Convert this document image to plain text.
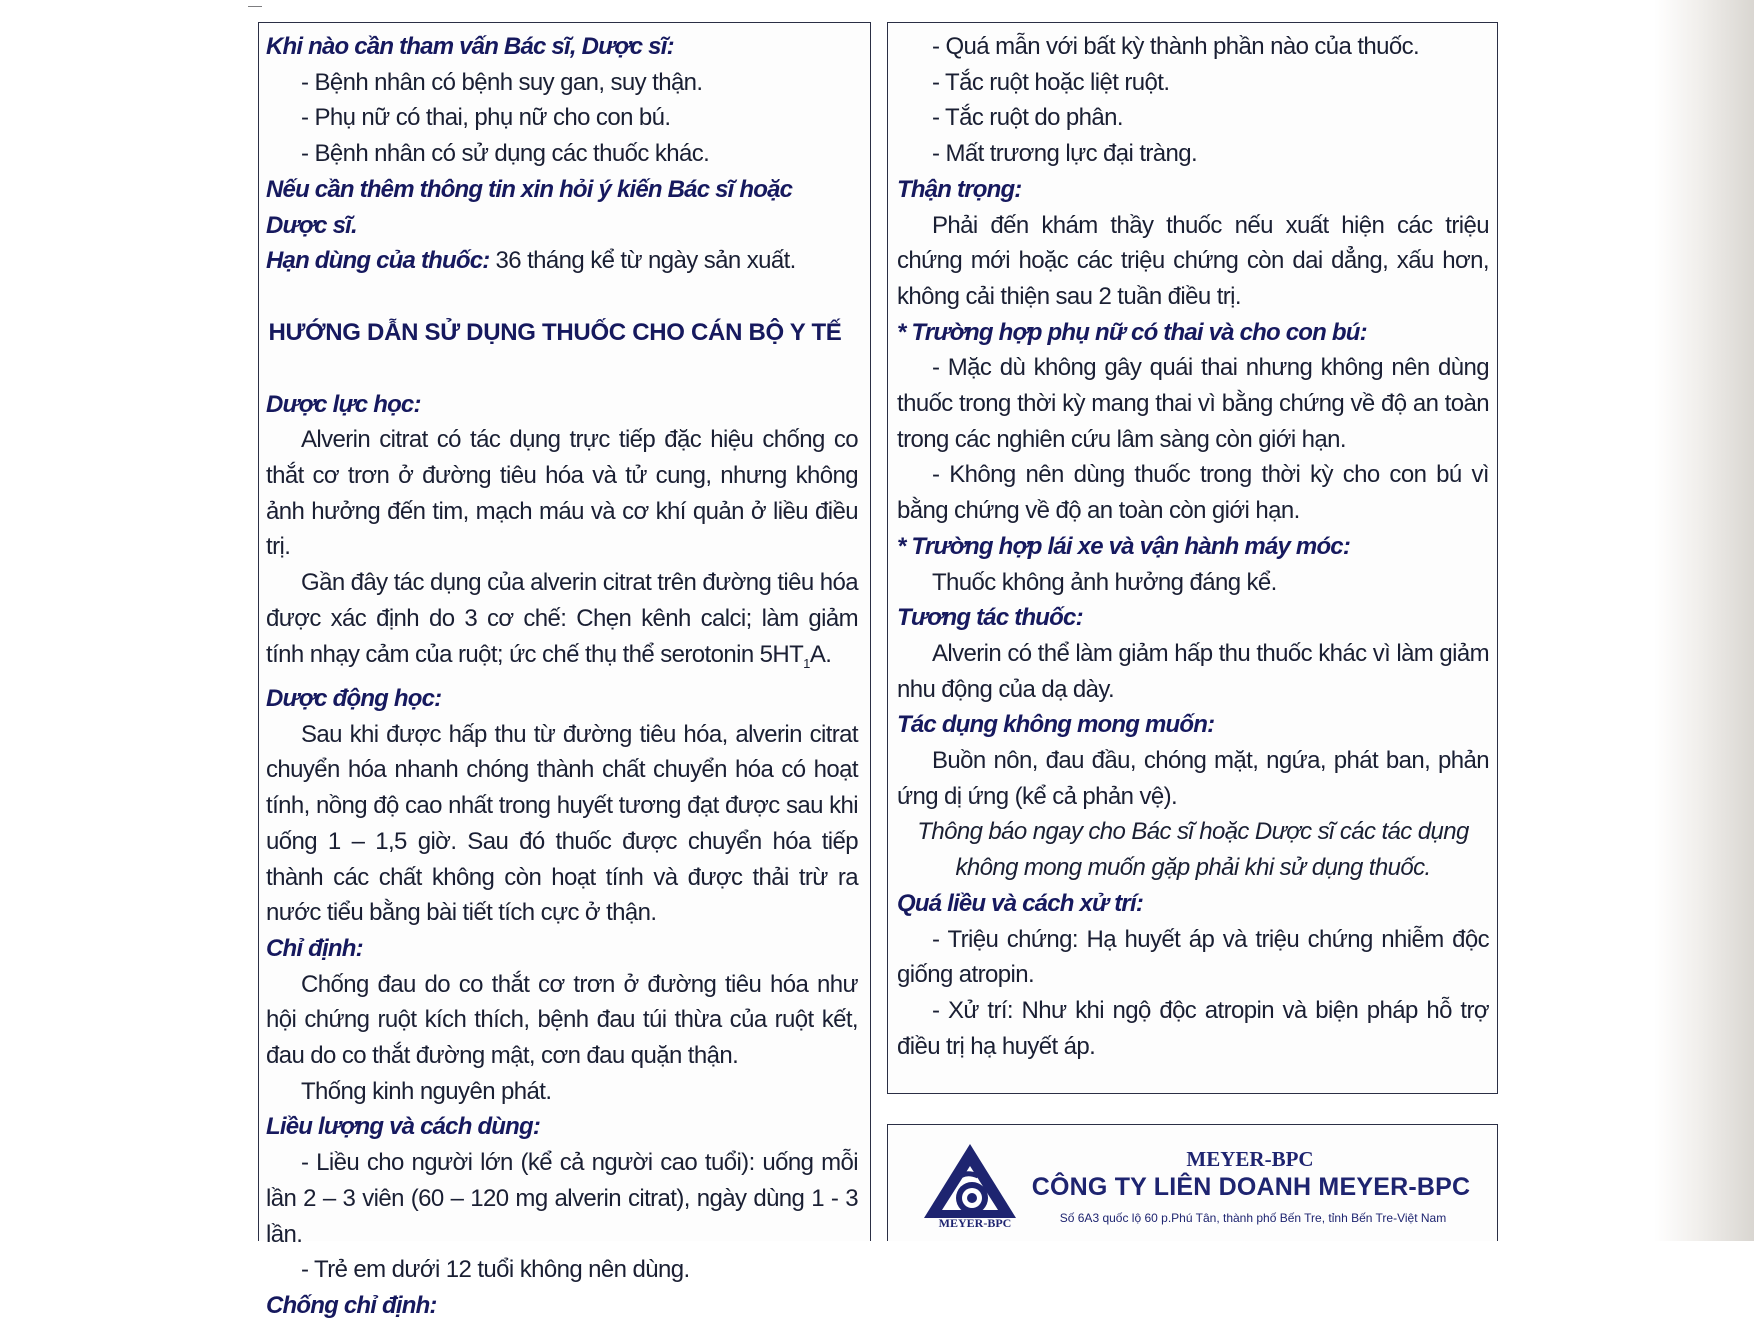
Khi nào cần tham vấn Bác sĩ, Dược sĩ:

- Bệnh nhân có bệnh suy gan, suy thận.

- Phụ nữ có thai, phụ nữ cho con bú.

- Bệnh nhân có sử dụng các thuốc khác.

Nếu cần thêm thông tin xin hỏi ý kiến Bác sĩ hoặc Dược sĩ.

Hạn dùng của thuốc: 36 tháng kể từ ngày sản xuất.

HƯỚNG DẪN SỬ DỤNG THUỐC CHO CÁN BỘ Y TẾ

Dược lực học:

Alverin citrat có tác dụng trực tiếp đặc hiệu chống co thắt cơ trơn ở đường tiêu hóa và tử cung, nhưng không ảnh hưởng đến tim, mạch máu và cơ khí quản ở liều điều trị.

Gần đây tác dụng của alverin citrat trên đường tiêu hóa được xác định do 3 cơ chế: Chẹn kênh calci; làm giảm tính nhạy cảm của ruột; ức chế thụ thể serotonin $5HT_1A$.

Dược động học:

Sau khi được hấp thu từ đường tiêu hóa, alverin citrat chuyển hóa nhanh chóng thành chất chuyển hóa có hoạt tính, nồng độ cao nhất trong huyết tương đạt được sau khi uống 1 – 1,5 giờ. Sau đó thuốc được chuyển hóa tiếp thành các chất không còn hoạt tính và được thải trừ ra nước tiểu bằng bài tiết tích cực ở thận.

Chỉ định:

Chống đau do co thắt cơ trơn ở đường tiêu hóa như hội chứng ruột kích thích, bệnh đau túi thừa của ruột kết, đau do co thắt đường mật, cơn đau quặn thận.

Thống kinh nguyên phát.

Liều lượng và cách dùng:

- Liều cho người lớn (kể cả người cao tuổi): uống mỗi lần 2 – 3 viên (60 – 120 mg alverin citrat), ngày dùng 1 - 3 lần.

- Trẻ em dưới 12 tuổi không nên dùng.

Chống chỉ định:

- Quá mẫn với bất kỳ thành phần nào của thuốc.

- Tắc ruột hoặc liệt ruột.

- Tắc ruột do phân.

- Mất trương lực đại tràng.

Thận trọng:

Phải đến khám thầy thuốc nếu xuất hiện các triệu chứng mới hoặc các triệu chứng còn dai dẳng, xấu hơn, không cải thiện sau 2 tuần điều trị.

* Trường hợp phụ nữ có thai và cho con bú:

- Mặc dù không gây quái thai nhưng không nên dùng thuốc trong thời kỳ mang thai vì bằng chứng về độ an toàn trong các nghiên cứu lâm sàng còn giới hạn.

- Không nên dùng thuốc trong thời kỳ cho con bú vì bằng chứng về độ an toàn còn giới hạn.

* Trường hợp lái xe và vận hành máy móc:

Thuốc không ảnh hưởng đáng kể.

Tương tác thuốc:

Alverin có thể làm giảm hấp thu thuốc khác vì làm giảm nhu động của dạ dày.

Tác dụng không mong muốn:

Buồn nôn, đau đầu, chóng mặt, ngứa, phát ban, phản ứng dị ứng (kể cả phản vệ).

Thông báo ngay cho Bác sĩ hoặc Dược sĩ các tác dụng không mong muốn gặp phải khi sử dụng thuốc.

Quá liều và cách xử trí:

- Triệu chứng: Hạ huyết áp và triệu chứng nhiễm độc giống atropin.

- Xử trí: Như khi ngộ độc atropin và biện pháp hỗ trợ điều trị hạ huyết áp.

MEYER-BPC
MEYER-BPC
CÔNG TY LIÊN DOANH MEYER-BPC
Số 6A3 quốc lộ 60 p.Phú Tân, thành phố Bến Tre, tỉnh Bến Tre-Việt Nam
